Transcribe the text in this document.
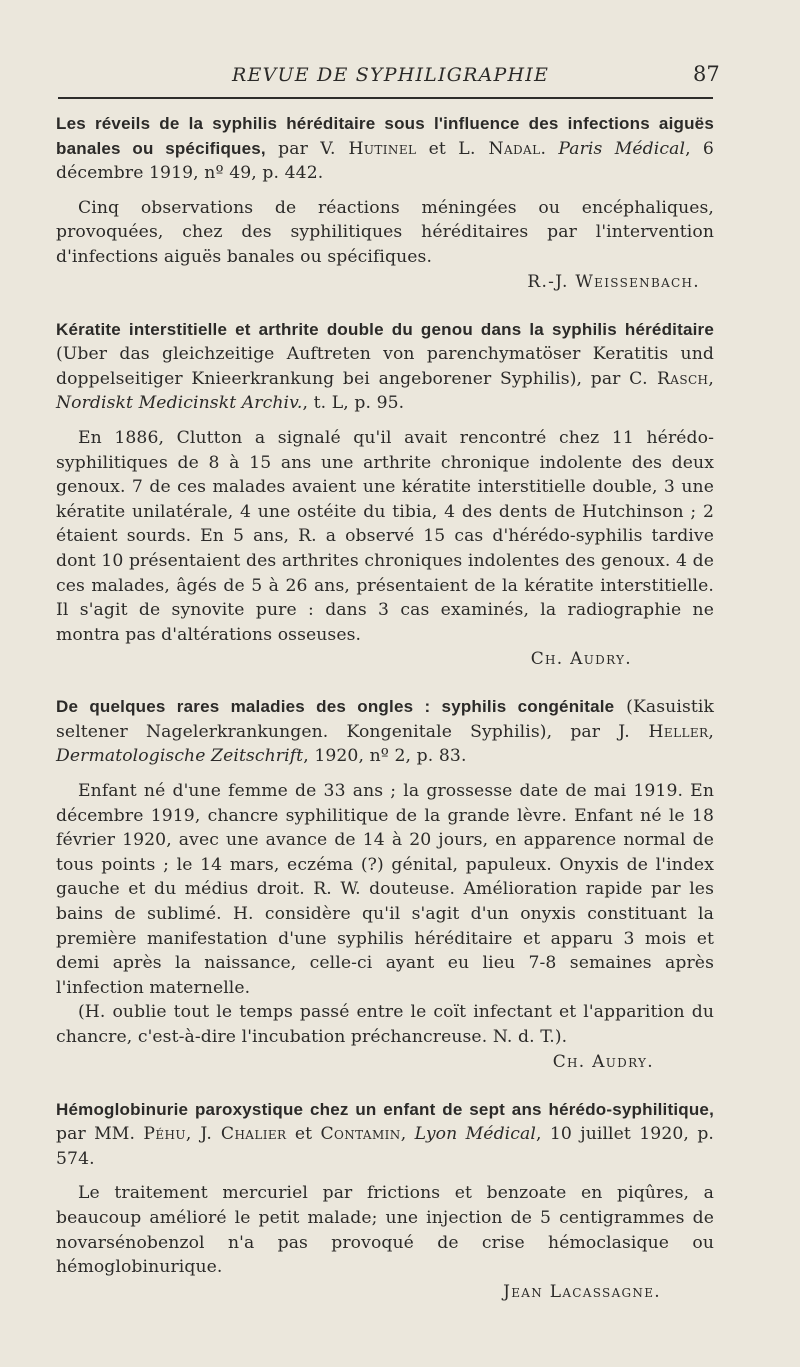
REVUE DE SYPHILIGRAPHIE	87

Les réveils de la syphilis héréditaire sous l'influence des infections aiguës banales ou spécifiques, par V. Hutinel et L. Nadal. Paris Médical, 6 décembre 1919, nº 49, p. 442.

Cinq observations de réactions méningées ou encéphaliques, provoquées, chez des syphilitiques héréditaires par l'intervention d'infections aiguës banales ou spécifiques.

R.-J. Weissenbach.

Kératite interstitielle et arthrite double du genou dans la syphilis héréditaire (Uber das gleichzeitige Auftreten von parenchymatöser Keratitis und doppelseitiger Knieerkrankung bei angeborener Syphilis), par C. Rasch, Nordiskt Medicinskt Archiv., t. L, p. 95.

En 1886, Clutton a signalé qu'il avait rencontré chez 11 hérédo-syphilitiques de 8 à 15 ans une arthrite chronique indolente des deux genoux. 7 de ces malades avaient une kératite interstitielle double, 3 une kératite unilatérale, 4 une ostéite du tibia, 4 des dents de Hutchinson ; 2 étaient sourds. En 5 ans, R. a observé 15 cas d'hérédo-syphilis tardive dont 10 présentaient des arthrites chroniques indolentes des genoux. 4 de ces malades, âgés de 5 à 26 ans, présentaient de la kératite interstitielle. Il s'agit de synovite pure : dans 3 cas examinés, la radiographie ne montra pas d'altérations osseuses.

Ch. Audry.

De quelques rares maladies des ongles : syphilis congénitale (Kasuistik seltener Nagelerkrankungen. Kongenitale Syphilis), par J. Heller, Dermatologische Zeitschrift, 1920, nº 2, p. 83.

Enfant né d'une femme de 33 ans ; la grossesse date de mai 1919. En décembre 1919, chancre syphilitique de la grande lèvre. Enfant né le 18 février 1920, avec une avance de 14 à 20 jours, en apparence normal de tous points ; le 14 mars, eczéma (?) génital, papuleux. Onyxis de l'index gauche et du médius droit. R. W. douteuse. Amélioration rapide par les bains de sublimé. H. considère qu'il s'agit d'un onyxis constituant la première manifestation d'une syphilis héréditaire et apparu 3 mois et demi après la naissance, celle-ci ayant eu lieu 7-8 semaines après l'infection maternelle.

(H. oublie tout le temps passé entre le coït infectant et l'apparition du chancre, c'est-à-dire l'incubation préchancreuse. N. d. T.).

Ch. Audry.

Hémoglobinurie paroxystique chez un enfant de sept ans hérédo-syphilitique, par MM. Péhu, J. Chalier et Contamin, Lyon Médical, 10 juillet 1920, p. 574.

Le traitement mercuriel par frictions et benzoate en piqûres, a beaucoup amélioré le petit malade; une injection de 5 centigrammes de novarsénobenzol n'a pas provoqué de crise hémoclasique ou hémoglobinurique.

Jean Lacassagne.
